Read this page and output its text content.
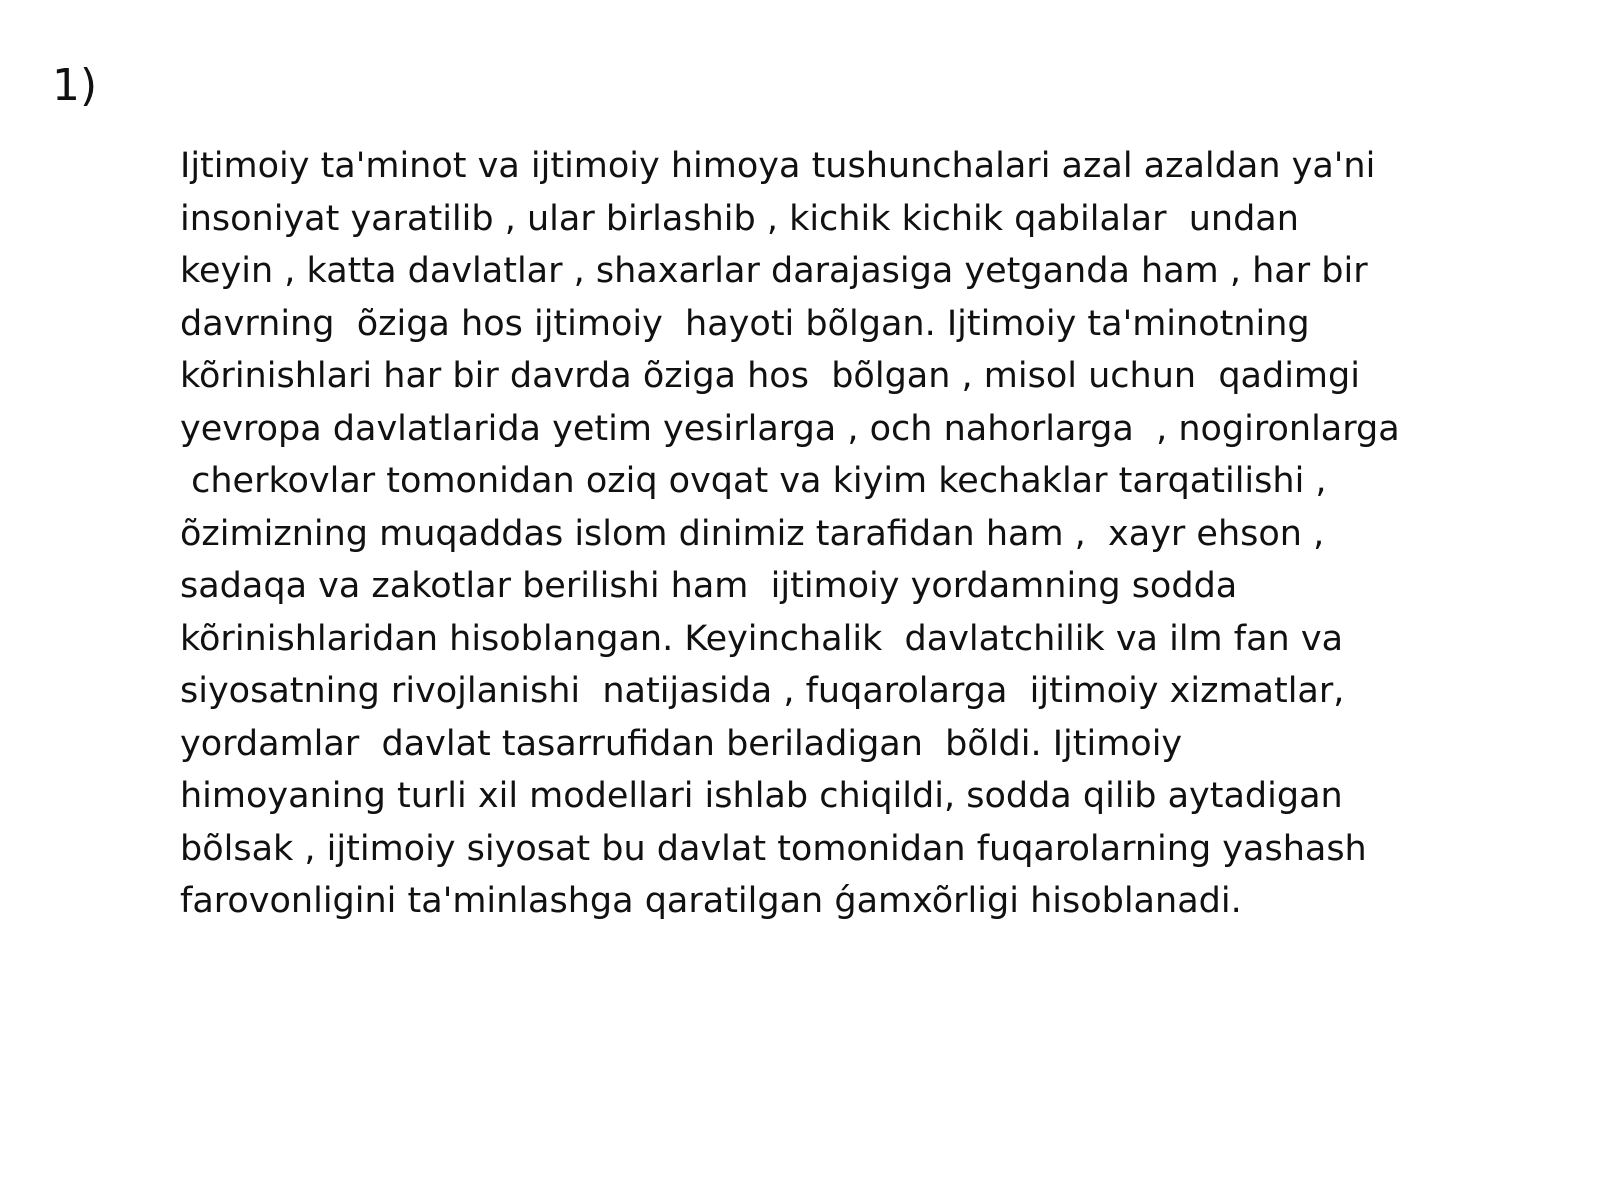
1)
Ijtimoiy ta'minot va ijtimoiy himoya tushunchalari azal azaldan ya'ni
insoniyat yaratilib , ular birlashib , kichik kichik qabilalar  undan
keyin , katta davlatlar , shaxarlar darajasiga yetganda ham , har bir
davrning  õziga hos ijtimoiy  hayoti bõlgan. Ijtimoiy ta'minotning
kõrinishlari har bir davrda õziga hos  bõlgan , misol uchun  qadimgi
yevropa davlatlarida yetim yesirlarga , och nahorlarga  , nogironlarga
cherkovlar tomonidan oziq ovqat va kiyim kechaklar tarqatilishi ,
õzimizning muqaddas islom dinimiz tarafidan ham ,  xayr ehson ,
sadaqa va zakotlar berilishi ham  ijtimoiy yordamning sodda
kõrinishlaridan hisoblangan. Keyinchalik  davlatchilik va ilm fan va
siyosatning rivojlanishi  natijasida , fuqarolarga  ijtimoiy xizmatlar,
yordamlar  davlat tasarrufidan beriladigan  bõldi. Ijtimoiy
himoyaning turli xil modellari ishlab chiqildi, sodda qilib aytadigan
bõlsak , ijtimoiy siyosat bu davlat tomonidan fuqarolarning yashash
farovonligini ta'minlashga qaratilgan ǵamxõrligi hisoblanadi.
